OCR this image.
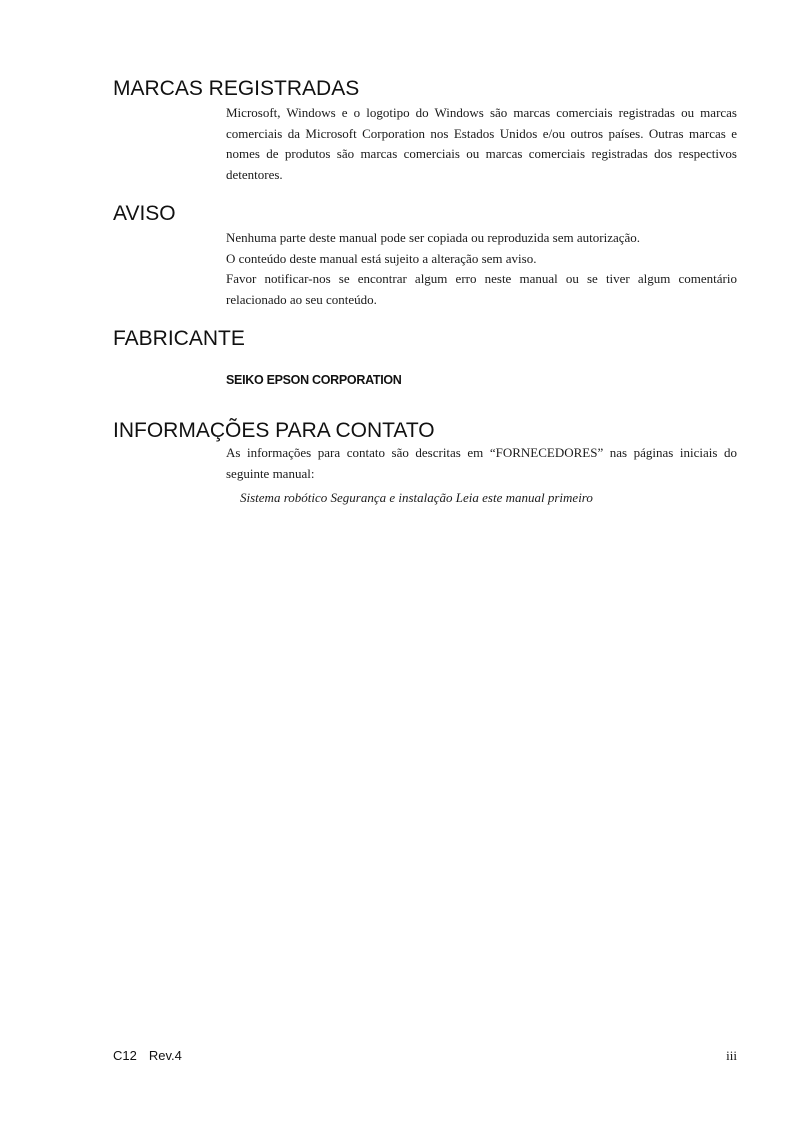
MARCAS REGISTRADAS

Microsoft, Windows e o logotipo do Windows são marcas comerciais registradas ou marcas comerciais da Microsoft Corporation nos Estados Unidos e/ou outros países. Outras marcas e nomes de produtos são marcas comerciais ou marcas comerciais registradas dos respectivos detentores.

AVISO

Nenhuma parte deste manual pode ser copiada ou reproduzida sem autorização.

O conteúdo deste manual está sujeito a alteração sem aviso.

Favor notificar-nos se encontrar algum erro neste manual ou se tiver algum comentário relacionado ao seu conteúdo.

FABRICANTE
SEIKO EPSON CORPORATION
INFORMAÇÕES PARA CONTATO

As informações para contato são descritas em “FORNECEDORES” nas páginas iniciais do seguinte manual:

Sistema robótico Segurança e instalação Leia este manual primeiro
C12 Rev.4	iii
